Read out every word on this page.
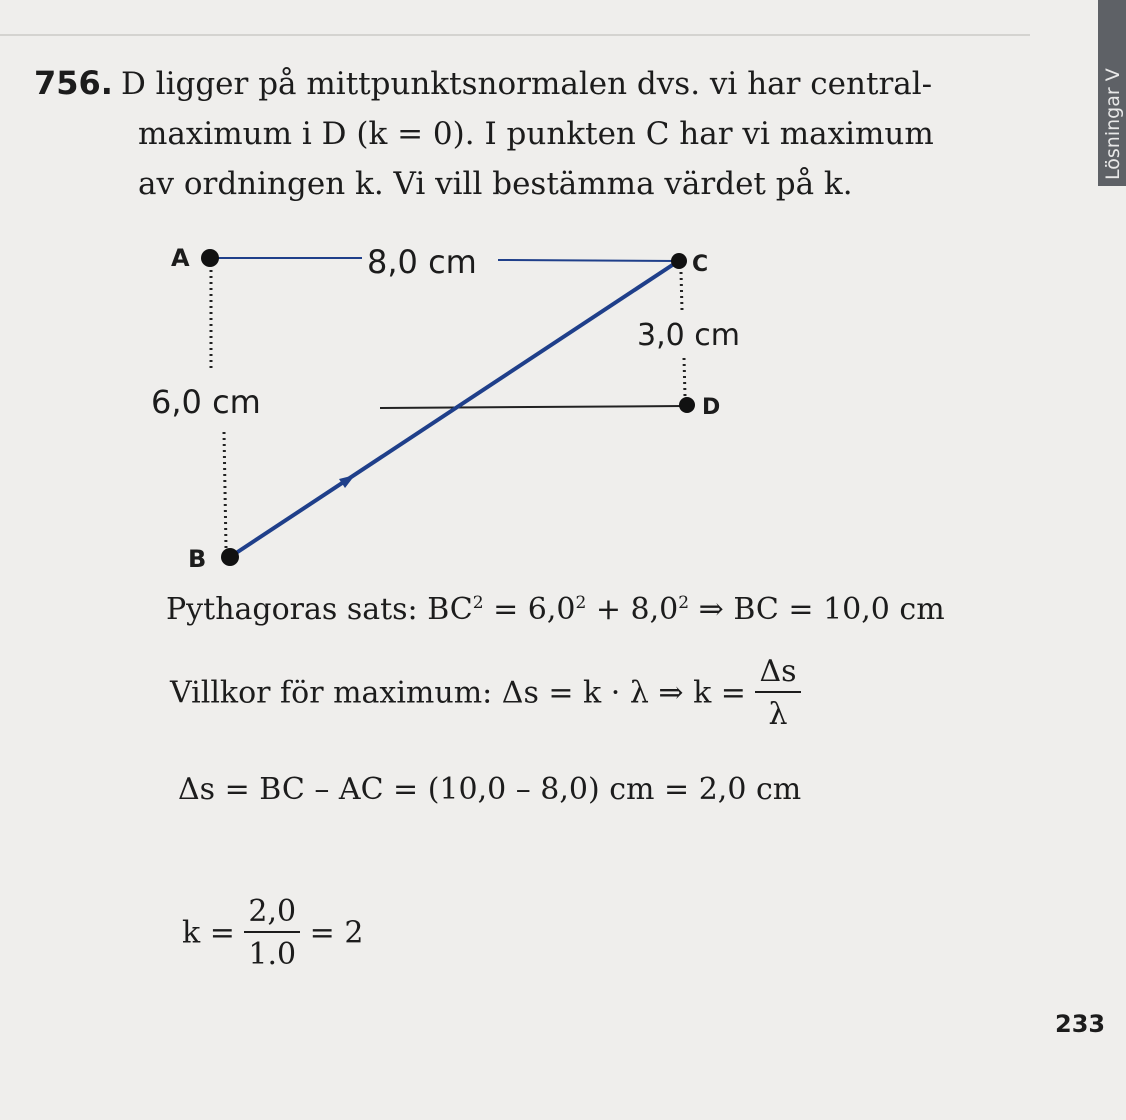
Lösningar V
756. D ligger på mittpunktsnormalen dvs. vi har central-
maximum i D (k = 0). I punkten C har vi maximum
av ordningen k. Vi vill bestämma värdet på k.
A	C
D
B
8,0 cm
6,0 cm
3,0 cm
Pythagoras sats: $BC^2 = 6,0^2 + 8,0^2$ ⇒ BC = 10,0 cm
Villkor för maximum: Δs = k · λ ⇒ $k = \frac{\Delta s}{\lambda}$
Δs = BC – AC = (10,0 – 8,0) cm = 2,0 cm
$k = \frac{2,0}{1.0} = 2$
233
